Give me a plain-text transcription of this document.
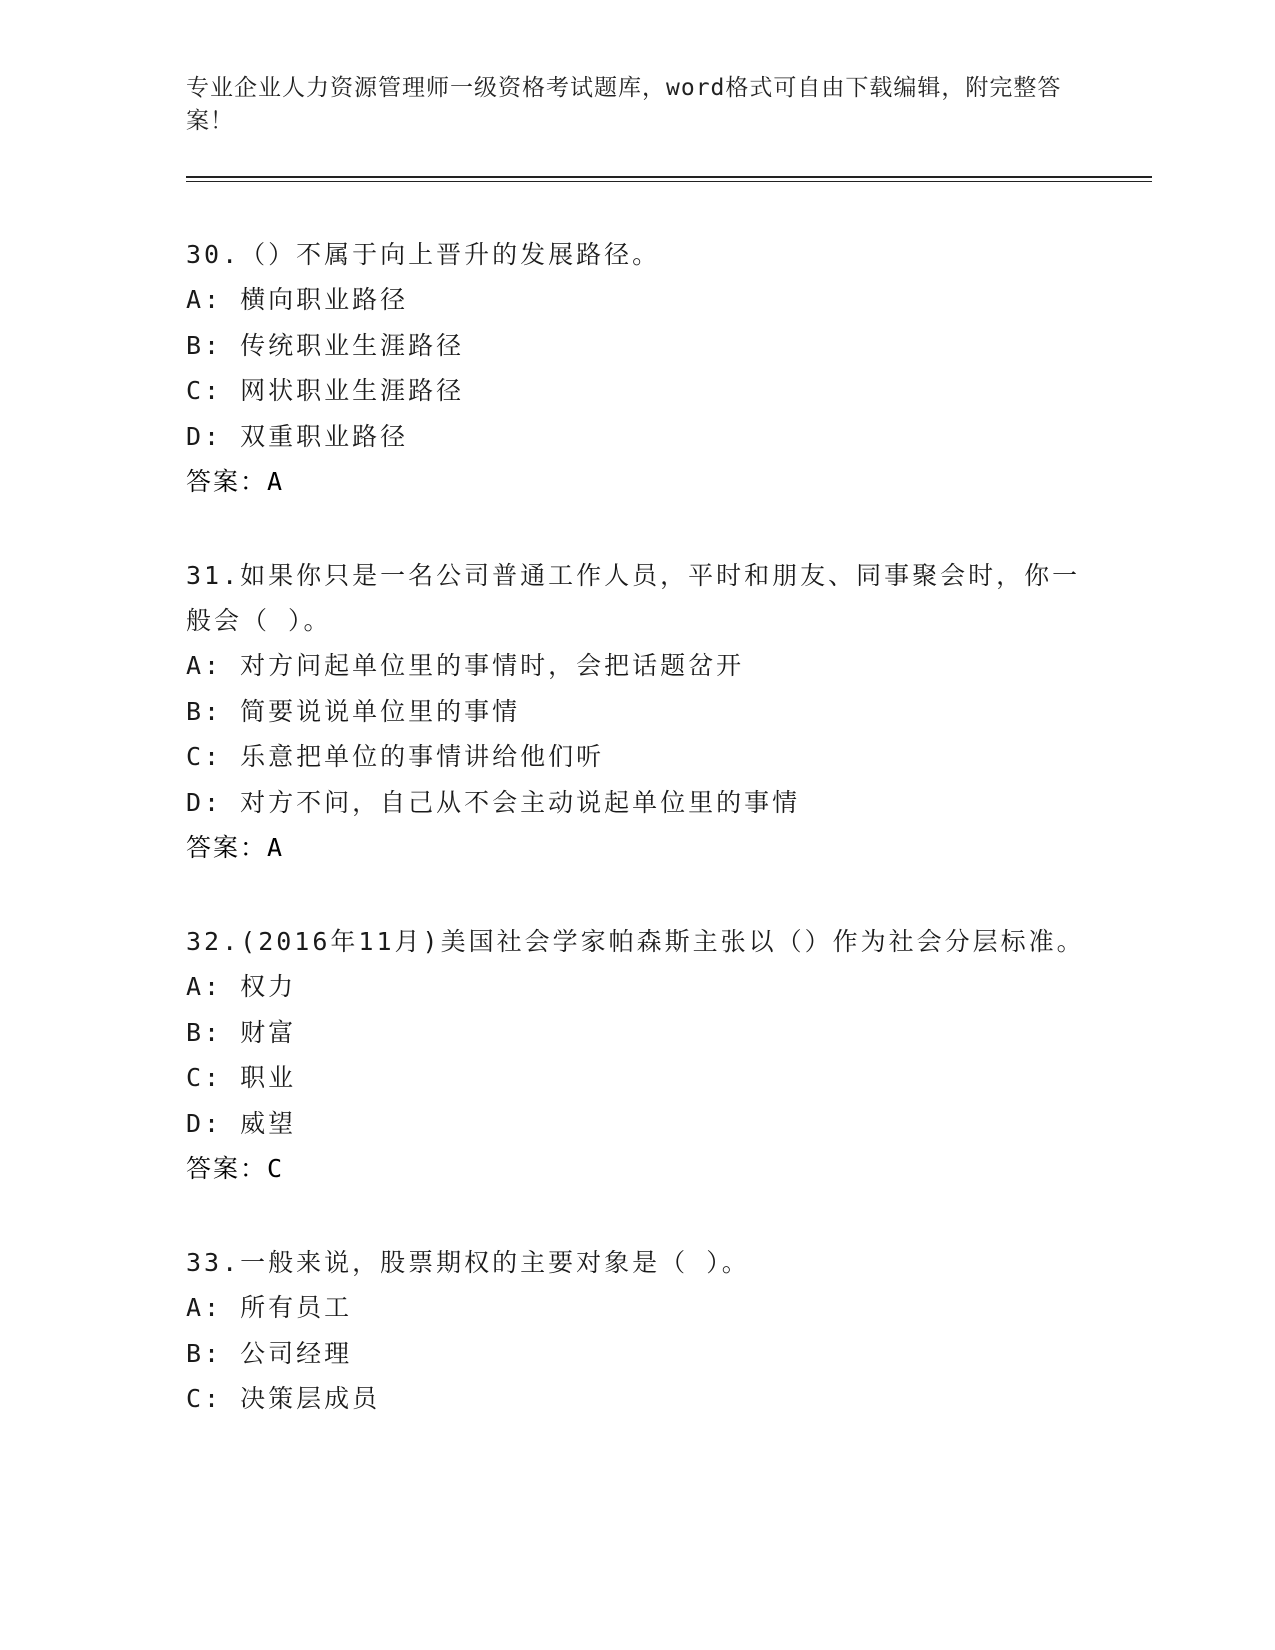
专业企业人力资源管理师一级资格考试题库，word格式可自由下载编辑，附完整答案！
30.（）不属于向上晋升的发展路径。
A: 横向职业路径
B: 传统职业生涯路径
C: 网状职业生涯路径
D: 双重职业路径
答案：A
31.如果你只是一名公司普通工作人员，平时和朋友、同事聚会时，你一般会（ ）。
A: 对方问起单位里的事情时，会把话题岔开
B: 简要说说单位里的事情
C: 乐意把单位的事情讲给他们听
D: 对方不问，自己从不会主动说起单位里的事情
答案：A
32.(2016年11月)美国社会学家帕森斯主张以（）作为社会分层标准。
A: 权力
B: 财富
C: 职业
D: 威望
答案：C
33.一般来说，股票期权的主要对象是（ ）。
A: 所有员工
B: 公司经理
C: 决策层成员
